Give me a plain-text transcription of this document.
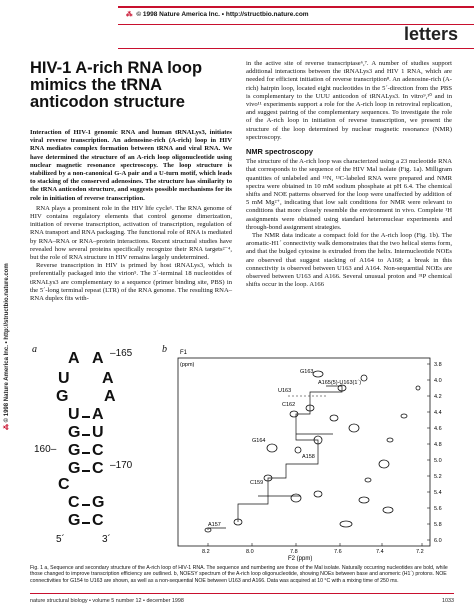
⁂ © 1998 Nature America Inc. • http://structbio.nature.com
letters
⁂ © 1998 Nature America Inc. • http://structbio.nature.com
HIV-1 A-rich RNA loop mimics the tRNA anticodon structure

Interaction of HIV-1 genomic RNA and human tRNALys3, initiates viral reverse transcription. An adenosine-rich (A-rich) loop in HIV RNA mediates complex formation between tRNA and viral RNA. We have determined the structure of an A-rich loop oligonucleotide using nuclear magnetic resonance spectroscopy. The loop structure is stabilized by a non-canonical G-A pair and a U-turn motif, which leads to stacking of the conserved adenosines. The structure has similarity to the tRNA anticodon structure, and suggests possible mechanisms for its role in initiation of reverse transcription.

RNA plays a prominent role in the HIV life cycle¹. The RNA genome of HIV contains regulatory elements that control genome dimerization, initiation of reverse transcription, activation of transcription, regulation of RNA transport and RNA packaging. The functional role of RNA is mediated by RNA–RNA or RNA–protein interactions. Recent structural studies have revealed how several proteins specifically recognize their RNA targets²⁻⁴, but the role of RNA structure in HIV remains largely undetermined.

Reverse transcription in HIV is primed by host tRNALys3, which is preferentially packaged into the virion⁵. The 3´-terminal 18 nucleotides of tRNALys3 are complementary to a sequence (primer binding site, PBS) in the 5´-long terminal repeat (LTR) of the RNA genome. The resulting RNA–RNA duplex fits with-

in the active site of reverse transcriptase⁶,⁷. A number of studies support additional interactions between the tRNALys3 and HIV 1 RNA, which are needed for efficient initiation of reverse transcription⁸. An adenosine-rich (A-rich) hairpin loop, located eight nucleotides in the 5´-direction from the PBS is complementary to the UUU anticodon of tRNALys3. In vitro⁹,¹⁰ and in vivo¹¹ experiments support a role for the A-rich loop in retroviral replication, and suggest pairing of the complementary sequences. To investigate the role of the A-rich loop in initiation of reverse transcription, we present the structure of the loop determined by nuclear magnetic resonance (NMR) spectroscopy.

NMR spectroscopy

The structure of the A-rich loop was characterized using a 23 nucleotide RNA that corresponds to the sequence of the HIV Mal isolate (Fig. 1a). Milligram quantities of unlabeled and ¹⁵N, ¹³C-labeled RNA were prepared and NMR spectra were obtained in 10 mM sodium phosphate at pH 6.4. The chemical shifts and NOE patterns observed for the loop were unaffected by addition of 5 mM Mg²⁺, indicating that low salt conditions for NMR were relevant to conditions that more closely resemble the environment in vivo. Complete ¹H assignments were obtained using standard heteronuclear experiments and through-bond assignment strategies.

The NMR data indicate a compact fold for the A-rich loop (Fig. 1b). The aromatic-H1´ connectivity walk demonstrates that the two helical stems form, and that the bulged cytosine is extruded from the helix. Internucleotide NOEs are observed that suggest stacking of A164 to A168; a break in this connectivity is observed between U163 and A164. Non-sequential NOEs are observed between U163 and A166. Several unusual proton and ³¹P chemical shifts occur in the loop. A166

a
A A –165
U A
G A
U A
G U
160– G C
G C –170
C
C G
G C
5´	3´
b F1
(ppm)
F2 (ppm)
8.2	8.0	7.8	7.6	7.4	7.2
3.8
4.0
4.2
4.4
4.6
4.8
5.0
5.2
5.4
5.6
5.8
6.0
G163
A165(5)-U163(1´)
U163
C162
G164
C159
A158
A157
Fig. 1 a, Sequence and secondary structure of the A-rich loop of HIV-1 RNA. The sequence and numbering are those of the Mal isolate. Naturally occurring nucleotides are bold, while those changed to improve transcription efficiency are outlined. b, NOESY spectrum of the A-rich loop oligonucleotide, showing NOEs between base and anomeric (H1´) protons. NOE connectivities for G154 to U163 are shown, as well as a non-sequential NOE between U163 and A166. Data was acquired at 10 °C with a mixing time of 250 ms.
nature structural biology • volume 5 number 12 • december 1998	1033
